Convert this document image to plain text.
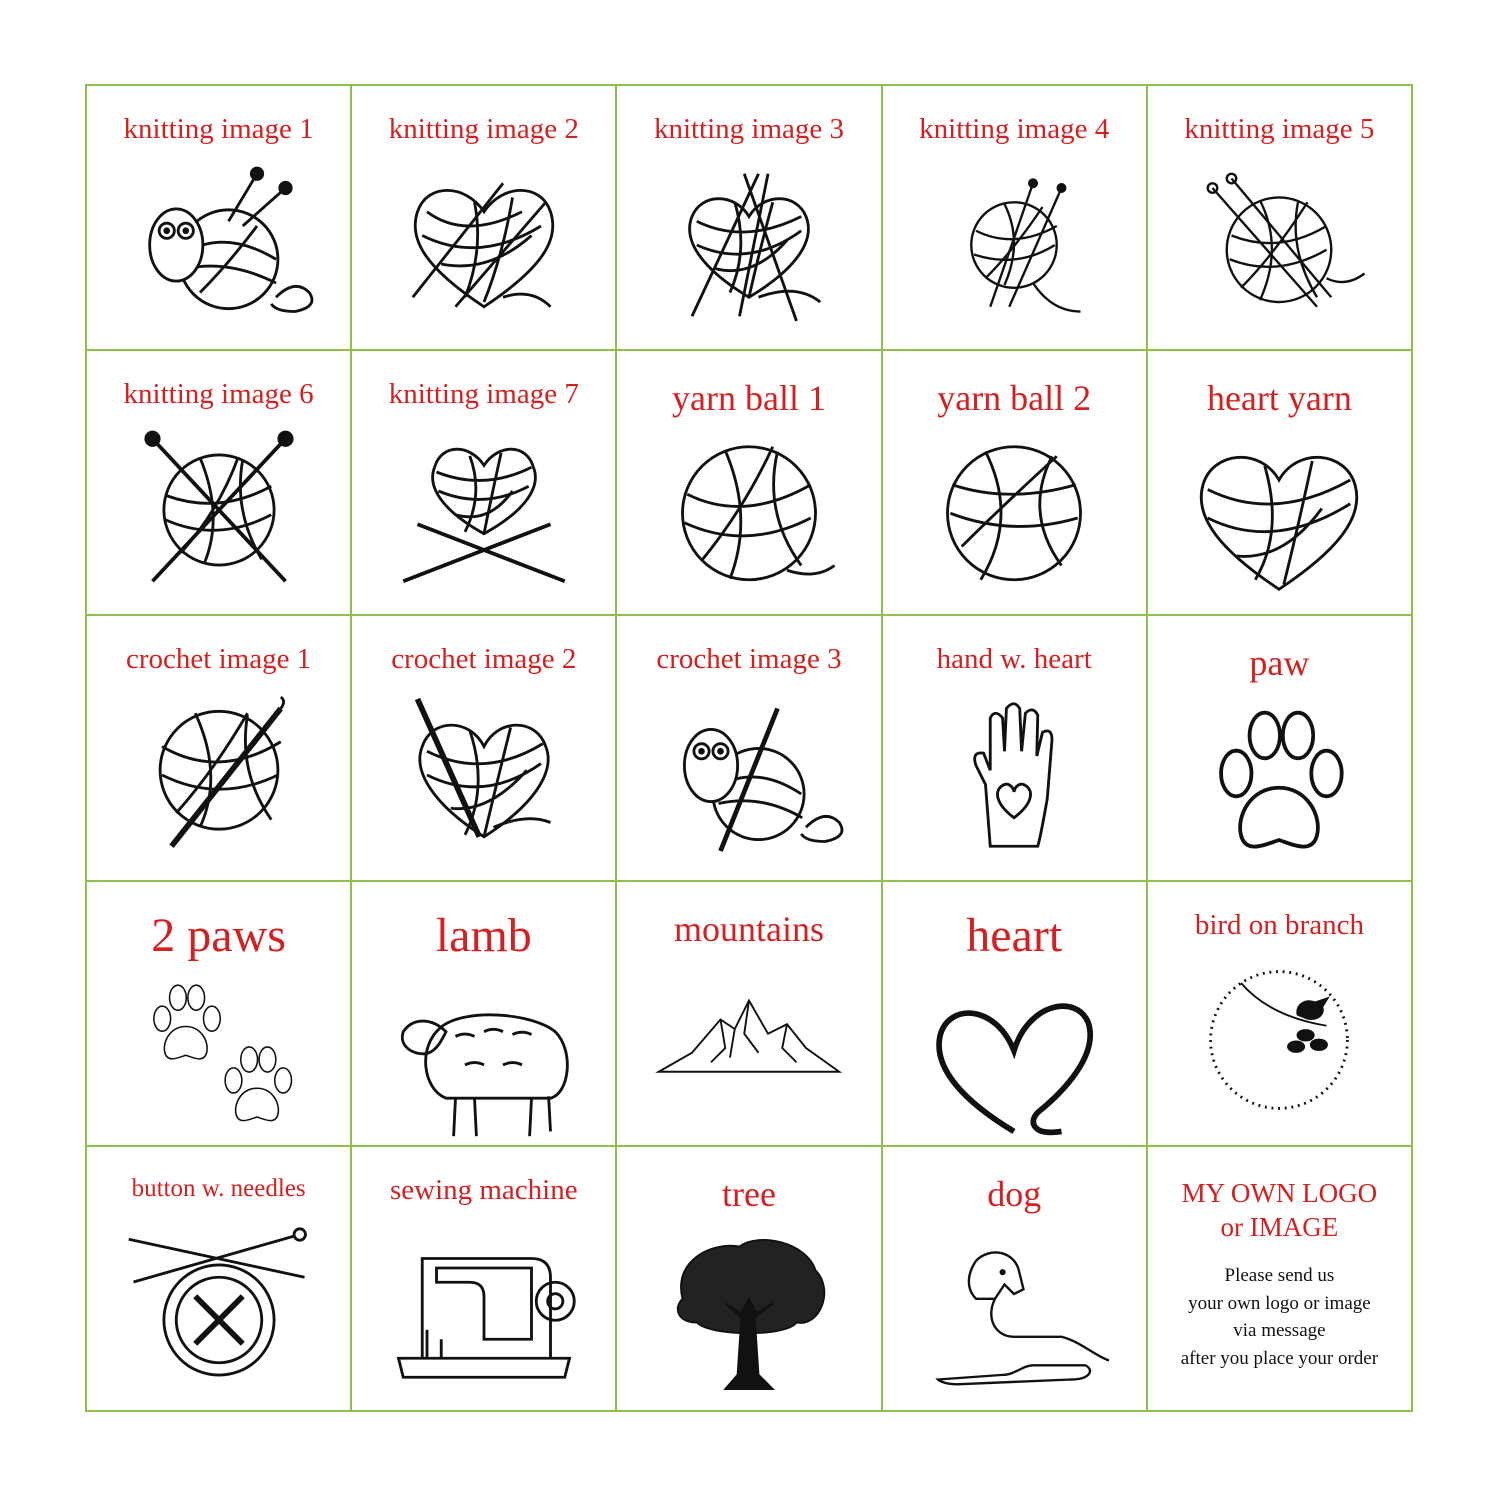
knitting image 1	knitting image 2	knitting image 3	knitting image 4	knitting image 5
knitting image 6	knitting image 7	yarn ball 1	yarn ball 2	heart yarn
crochet image 1	crochet image 2	crochet image 3	hand w. heart	paw
2 paws	lamb	mountains	heart	bird on branch
button w. needles	sewing machine	tree	dog	MY OWN LOGO
or IMAGE
Please send us
your own logo or image
via message
after you place your order
